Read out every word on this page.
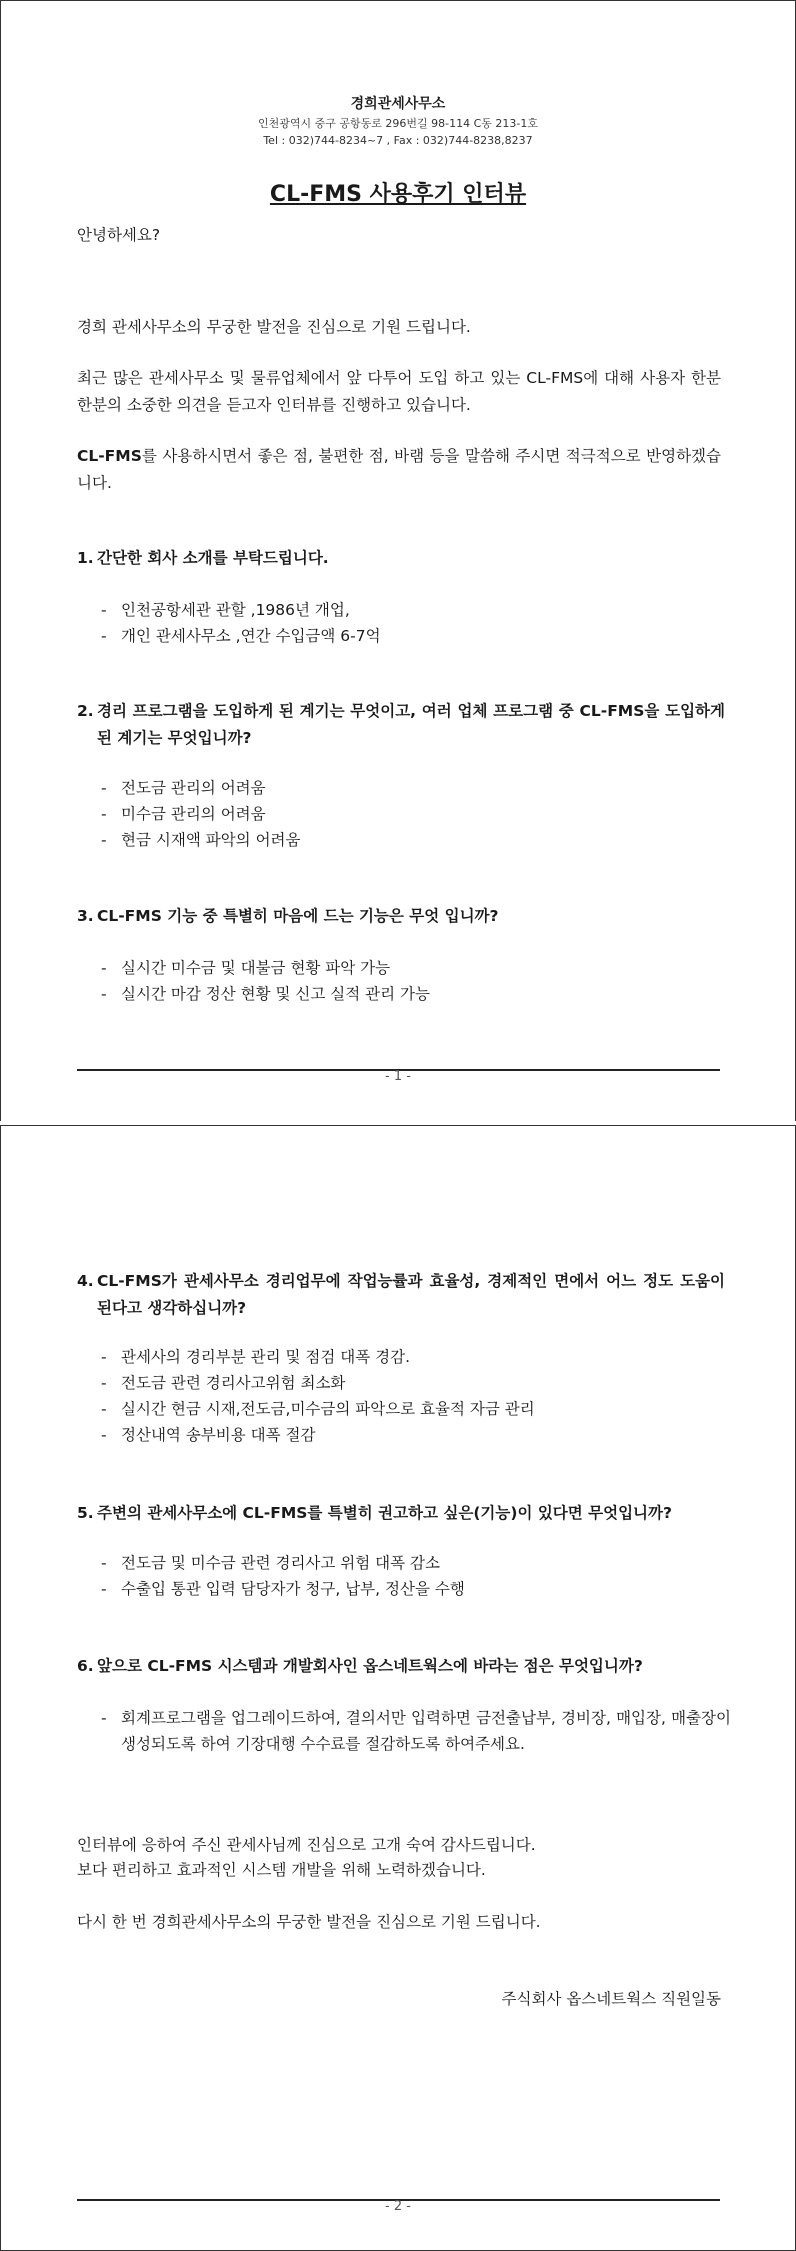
경희관세사무소
인천광역시 중구 공항동로 296번길 98-114 C동 213-1호
Tel : 032)744-8234~7 , Fax : 032)744-8238,8237
CL-FMS 사용후기 인터뷰
안녕하세요?
경희 관세사무소의 무궁한 발전을 진심으로 기원 드립니다.
최근 많은 관세사무소 및 물류업체에서 앞 다투어 도입 하고 있는 CL-FMS에 대해 사용자 한분 한분의 소중한 의견을 듣고자 인터뷰를 진행하고 있습니다.
CL-FMS를 사용하시면서 좋은 점, 불편한 점, 바램 등을 말씀해 주시면 적극적으로 반영하겠습니다.
1. 간단한 회사 소개를 부탁드립니다.
- 인천공항세관 관할 ,1986년 개업,
- 개인 관세사무소 ,연간 수입금액 6-7억
2. 경리 프로그램을 도입하게 된 계기는 무엇이고, 여러 업체 프로그램 중 CL-FMS을 도입하게 된 계기는 무엇입니까?
- 전도금 관리의 어려움
- 미수금 관리의 어려움
- 현금 시재액 파악의 어려움
3. CL-FMS 기능 중 특별히 마음에 드는 기능은 무엇 입니까?
- 실시간 미수금 및 대불금 현황 파악 가능
- 실시간 마감 정산 현황 및 신고 실적 관리 가능
- 1 -
4. CL-FMS가 관세사무소 경리업무에 작업능률과 효율성, 경제적인 면에서 어느 정도 도움이 된다고 생각하십니까?
- 관세사의 경리부분 관리 및 점검 대폭 경감.
- 전도금 관련 경리사고위험 최소화
- 실시간 현금 시재,전도금,미수금의 파악으로 효율적 자금 관리
- 정산내역 송부비용 대폭 절감
5. 주변의 관세사무소에 CL-FMS를 특별히 권고하고 싶은(기능)이 있다면 무엇입니까?
- 전도금 및 미수금 관련 경리사고 위험 대폭 감소
- 수출입 통관 입력 담당자가 청구, 납부, 정산을 수행
6. 앞으로 CL-FMS 시스템과 개발회사인 옵스네트웍스에 바라는 점은 무엇입니까?
- 회계프로그램을 업그레이드하여, 결의서만 입력하면 금전출납부, 경비장, 매입장, 매출장이 생성되도록 하여 기장대행 수수료를 절감하도록 하여주세요.
인터뷰에 응하여 주신 관세사님께 진심으로 고개 숙여 감사드립니다.
보다 편리하고 효과적인 시스템 개발을 위해 노력하겠습니다.
다시 한 번 경희관세사무소의 무궁한 발전을 진심으로 기원 드립니다.
주식회사 옵스네트웍스 직원일동
- 2 -
